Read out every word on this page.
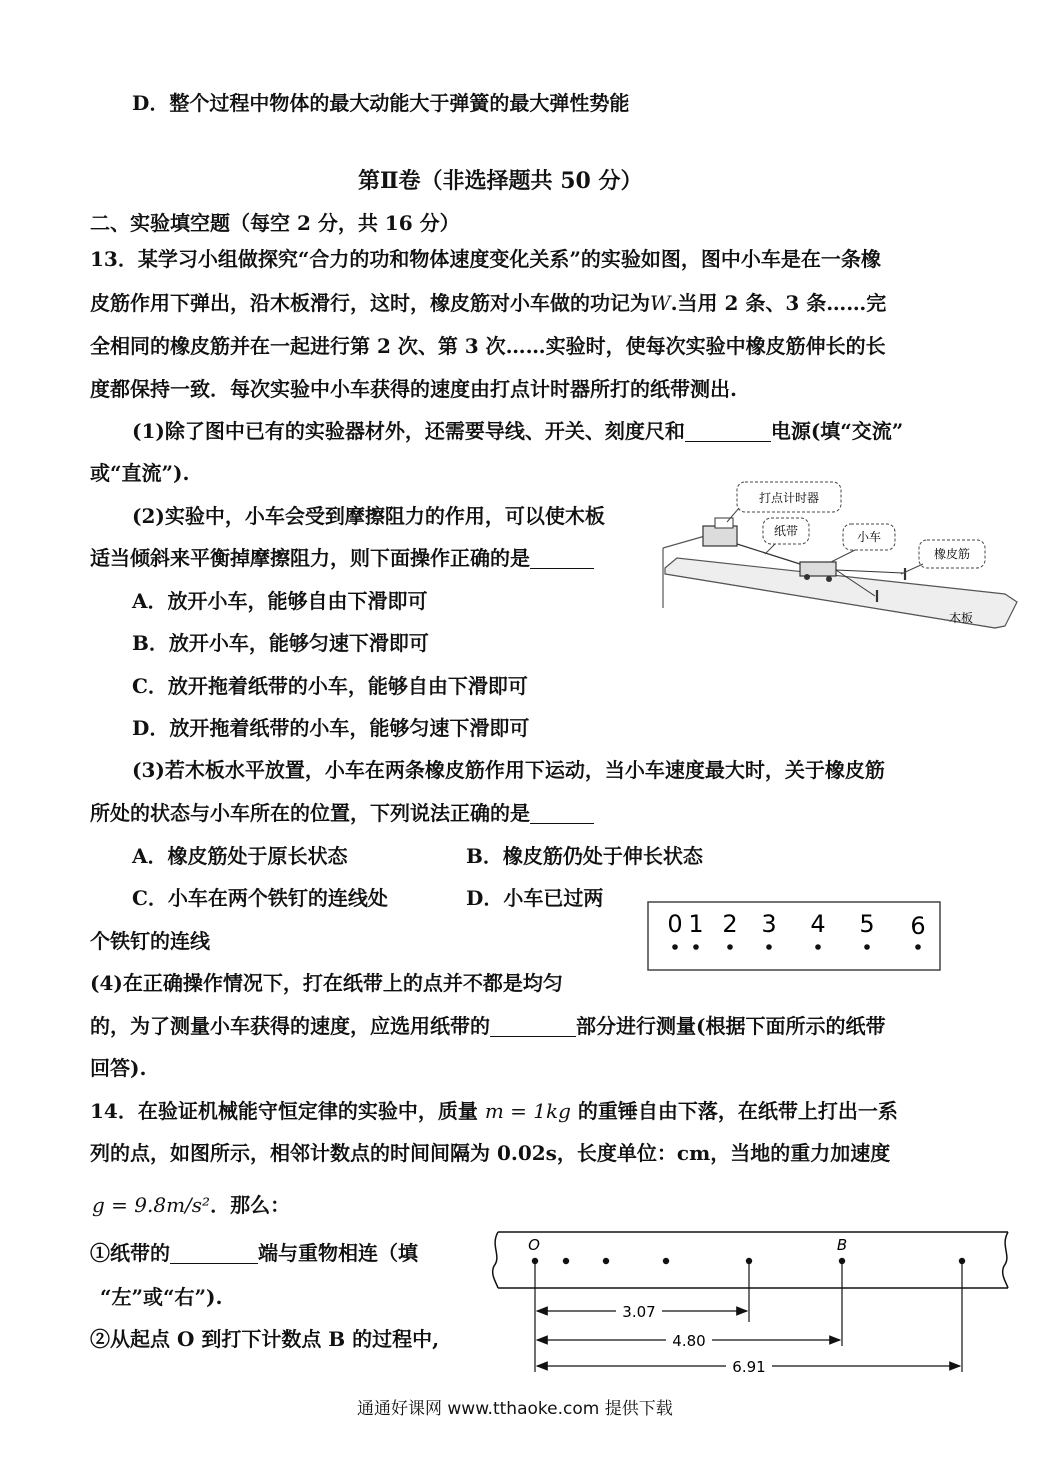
D．整个过程中物体的最大动能大于弹簧的最大弹性势能
第Ⅱ卷（非选择题共 50 分）
二、实验填空题（每空 2 分，共 16 分）
13．某学习小组做探究“合力的功和物体速度变化关系”的实验如图，图中小车是在一条橡
皮筋作用下弹出，沿木板滑行，这时，橡皮筋对小车做的功记为W.当用 2 条、3 条……完
全相同的橡皮筋并在一起进行第 2 次、第 3 次……实验时，使每次实验中橡皮筋伸长的长
度都保持一致．每次实验中小车获得的速度由打点计时器所打的纸带测出.
(1)除了图中已有的实验器材外，还需要导线、开关、刻度尺和	电源(填“交流”
或“直流”).
(2)实验中，小车会受到摩擦阻力的作用，可以使木板
适当倾斜来平衡掉摩擦阻力，则下面操作正确的是
A．放开小车，能够自由下滑即可
B．放开小车，能够匀速下滑即可
C．放开拖着纸带的小车，能够自由下滑即可
D．放开拖着纸带的小车，能够匀速下滑即可
(3)若木板水平放置，小车在两条橡皮筋作用下运动，当小车速度最大时，关于橡皮筋
所处的状态与小车所在的位置，下列说法正确的是
A．橡皮筋处于原长状态	B．橡皮筋仍处于伸长状态
C．小车在两个铁钉的连线处	D．小车已过两
个铁钉的连线
(4)在正确操作情况下，打在纸带上的点并不都是均匀
的，为了测量小车获得的速度，应选用纸带的	部分进行测量(根据下面所示的纸带
回答).
14．在验证机械能守恒定律的实验中，质量 m = 1kg 的重锤自由下落，在纸带上打出一系
列的点，如图所示，相邻计数点的时间间隔为 0.02s，长度单位：cm，当地的重力加速度
g = 9.8m/s²．那么：
①纸带的	端与重物相连（填
“左”或“右”).
②从起点 O 到打下计数点 B 的过程中,
打点计时器
纸带	小车
橡皮筋
木板
0 1 2 3 4 5 6
O	B
3.07
4.80
6.91
通通好课网 www.tthaoke.com 提供下载
